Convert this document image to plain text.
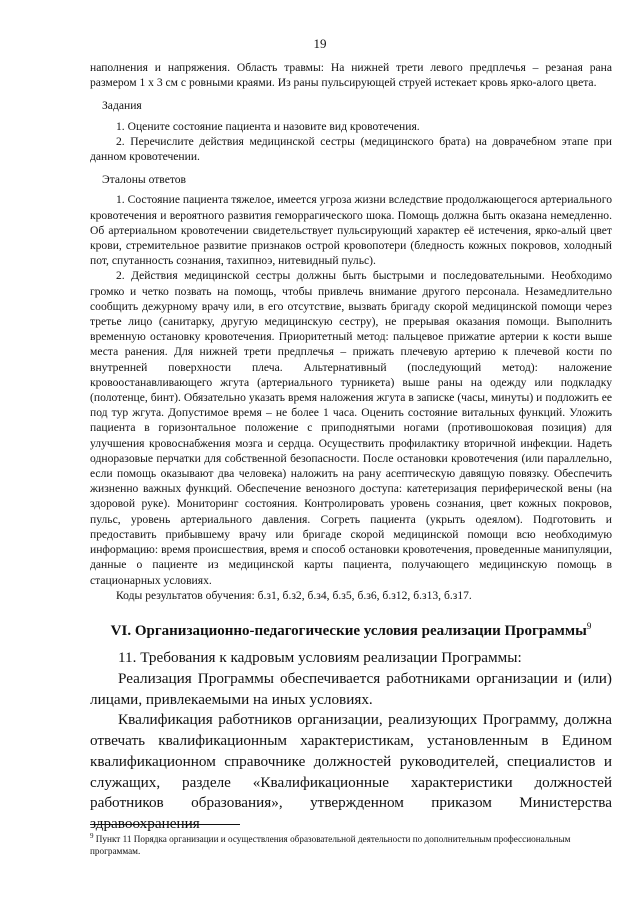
19

наполнения и напряжения. Область травмы: На нижней трети левого предплечья – резаная рана размером 1 х 3 см с ровными краями. Из раны пульсирующей струей истекает кровь ярко-алого цвета.

Задания

1. Оцените состояние пациента и назовите вид кровотечения.

2. Перечислите действия медицинской сестры (медицинского брата) на доврачебном этапе при данном кровотечении.

Эталоны ответов

1. Состояние пациента тяжелое, имеется угроза жизни вследствие продолжающегося артериального кровотечения и вероятного развития геморрагического шока. Помощь должна быть оказана немедленно. Об артериальном кровотечении свидетельствует пульсирующий характер её истечения, ярко-алый цвет крови, стремительное развитие признаков острой кровопотери (бледность кожных покровов, холодный пот, спутанность сознания, тахипноэ, нитевидный пульс).

2. Действия медицинской сестры должны быть быстрыми и последовательными. Необходимо громко и четко позвать на помощь, чтобы привлечь внимание другого персонала. Незамедлительно сообщить дежурному врачу или, в его отсутствие, вызвать бригаду скорой медицинской помощи через третье лицо (санитарку, другую медицинскую сестру), не прерывая оказания помощи. Выполнить временную остановку кровотечения. Приоритетный метод: пальцевое прижатие артерии к кости выше места ранения. Для нижней трети предплечья – прижать плечевую артерию к плечевой кости по внутренней поверхности плеча. Альтернативный (последующий метод): наложение кровоостанавливающего жгута (артериального турникета) выше раны на одежду или подкладку (полотенце, бинт). Обязательно указать время наложения жгута в записке (часы, минуты) и подложить ее под тур жгута. Допустимое время – не более 1 часа. Оценить состояние витальных функций. Уложить пациента в горизонтальное положение с приподнятыми ногами (противошоковая позиция) для улучшения кровоснабжения мозга и сердца. Осуществить профилактику вторичной инфекции. Надеть одноразовые перчатки для собственной безопасности. После остановки кровотечения (или параллельно, если помощь оказывают два человека) наложить на рану асептическую давящую повязку. Обеспечить жизненно важных функций. Обеспечение венозного доступа: катетеризация периферической вены (на здоровой руке). Мониторинг состояния. Контролировать уровень сознания, цвет кожных покровов, пульс, уровень артериального давления. Согреть пациента (укрыть одеялом). Подготовить и предоставить прибывшему врачу или бригаде скорой медицинской помощи всю необходимую информацию: время происшествия, время и способ остановки кровотечения, проведенные манипуляции, данные о пациенте из медицинской карты пациента, получающего медицинскую помощь в стационарных условиях.

Коды результатов обучения: б.з1, б.з2, б.з4, б.з5, б.з6, б.з12, б.з13, б.з17.

VI. Организационно-педагогические условия реализации Программы$^9$

11. Требования к кадровым условиям реализации Программы:

Реализация Программы обеспечивается работниками организации и (или) лицами, привлекаемыми на иных условиях.

Квалификация работников организации, реализующих Программу, должна отвечать квалификационным характеристикам, установленным в Едином квалификационном справочнике должностей руководителей, специалистов и служащих, разделе «Квалификационные характеристики должностей работников образования», утвержденном приказом Министерства здравоохранения

$^9$ Пункт 11 Порядка организации и осуществления образовательной деятельности по дополнительным профессиональным программам.
